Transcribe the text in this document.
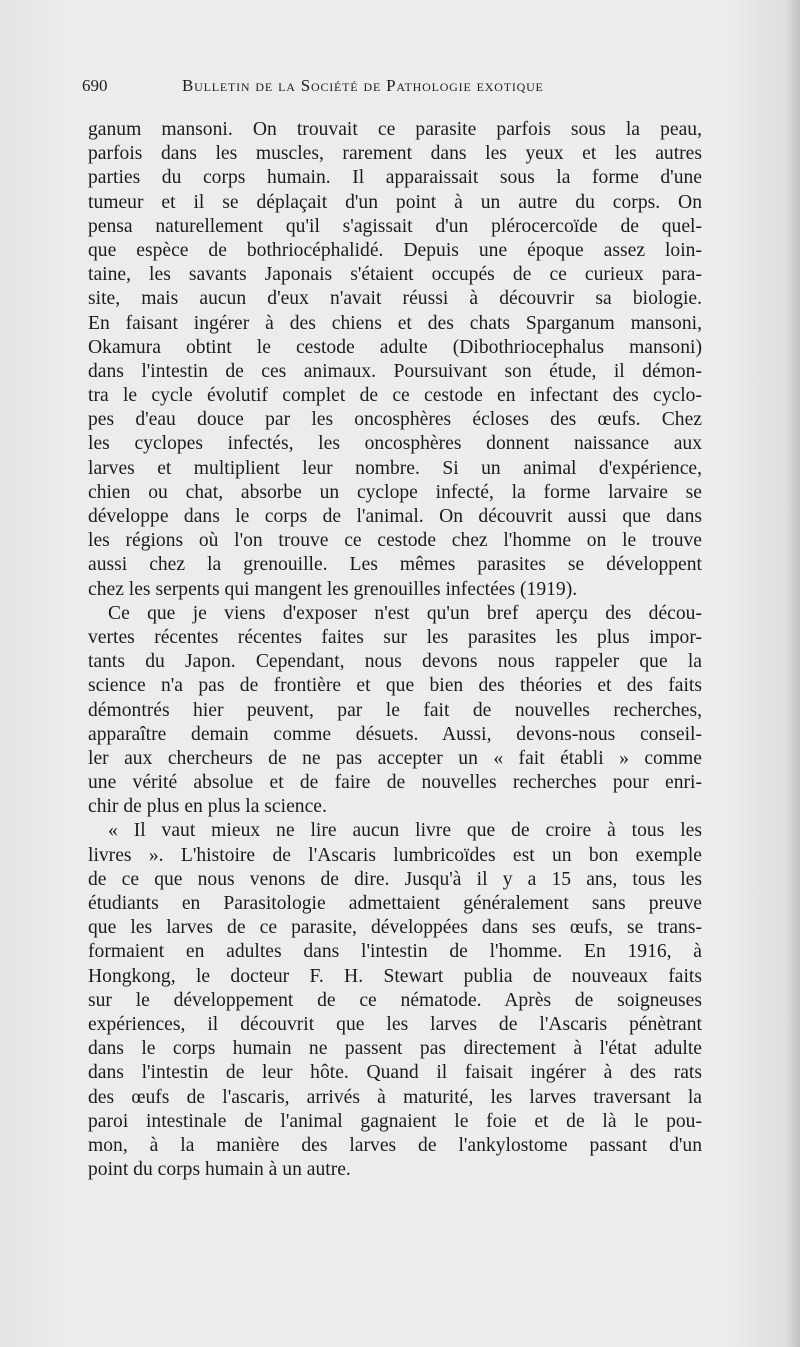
690	Bulletin de la Société de Pathologie exotique
ganum mansoni. On trouvait ce parasite parfois sous la peau,
parfois dans les muscles, rarement dans les yeux et les autres
parties du corps humain. Il apparaissait sous la forme d'une
tumeur et il se déplaçait d'un point à un autre du corps. On
pensa naturellement qu'il s'agissait d'un plérocercoïde de quel-
que espèce de bothriocéphalidé. Depuis une époque assez loin-
taine, les savants Japonais s'étaient occupés de ce curieux para-
site, mais aucun d'eux n'avait réussi à découvrir sa biologie.
En faisant ingérer à des chiens et des chats Sparganum mansoni,
Okamura obtint le cestode adulte (Dibothriocephalus mansoni)
dans l'intestin de ces animaux. Poursuivant son étude, il démon-
tra le cycle évolutif complet de ce cestode en infectant des cyclo-
pes d'eau douce par les oncosphères écloses des œufs. Chez
les cyclopes infectés, les oncosphères donnent naissance aux
larves et multiplient leur nombre. Si un animal d'expérience,
chien ou chat, absorbe un cyclope infecté, la forme larvaire se
développe dans le corps de l'animal. On découvrit aussi que dans
les régions où l'on trouve ce cestode chez l'homme on le trouve
aussi chez la grenouille. Les mêmes parasites se développent
chez les serpents qui mangent les grenouilles infectées (1919).
Ce que je viens d'exposer n'est qu'un bref aperçu des décou-
vertes récentes récentes faites sur les parasites les plus impor-
tants du Japon. Cependant, nous devons nous rappeler que la
science n'a pas de frontière et que bien des théories et des faits
démontrés hier peuvent, par le fait de nouvelles recherches,
apparaître demain comme désuets. Aussi, devons-nous conseil-
ler aux chercheurs de ne pas accepter un « fait établi » comme
une vérité absolue et de faire de nouvelles recherches pour enri-
chir de plus en plus la science.
« Il vaut mieux ne lire aucun livre que de croire à tous les
livres ». L'histoire de l'Ascaris lumbricoïdes est un bon exemple
de ce que nous venons de dire. Jusqu'à il y a 15 ans, tous les
étudiants en Parasitologie admettaient généralement sans preuve
que les larves de ce parasite, développées dans ses œufs, se trans-
formaient en adultes dans l'intestin de l'homme. En 1916, à
Hongkong, le docteur F. H. Stewart publia de nouveaux faits
sur le développement de ce nématode. Après de soigneuses
expériences, il découvrit que les larves de l'Ascaris pénètrant
dans le corps humain ne passent pas directement à l'état adulte
dans l'intestin de leur hôte. Quand il faisait ingérer à des rats
des œufs de l'ascaris, arrivés à maturité, les larves traversant la
paroi intestinale de l'animal gagnaient le foie et de là le pou-
mon, à la manière des larves de l'ankylostome passant d'un
point du corps humain à un autre.
